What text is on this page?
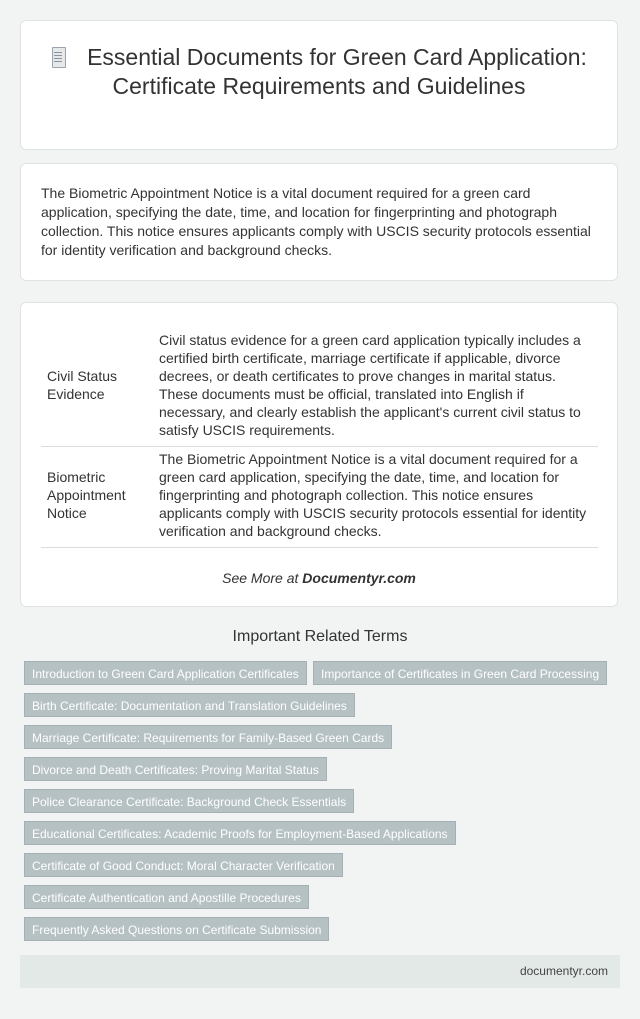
Essential Documents for Green Card Application: Certificate Requirements and Guidelines

The Biometric Appointment Notice is a vital document required for a green card application, specifying the date, time, and location for fingerprinting and photograph collection. This notice ensures applicants comply with USCIS security protocols essential for identity verification and background checks.

Civil Status Evidence	Civil status evidence for a green card application typically includes a certified birth certificate, marriage certificate if applicable, divorce decrees, or death certificates to prove changes in marital status. These documents must be official, translated into English if necessary, and clearly establish the applicant's current civil status to satisfy USCIS requirements.
Biometric Appointment Notice	The Biometric Appointment Notice is a vital document required for a green card application, specifying the date, time, and location for fingerprinting and photograph collection. This notice ensures applicants comply with USCIS security protocols essential for identity verification and background checks.
See More at Documentyr.com
Important Related Terms
Introduction to Green Card Application Certificates	Importance of Certificates in Green Card Processing
Birth Certificate: Documentation and Translation Guidelines
Marriage Certificate: Requirements for Family-Based Green Cards
Divorce and Death Certificates: Proving Marital Status
Police Clearance Certificate: Background Check Essentials
Educational Certificates: Academic Proofs for Employment-Based Applications
Certificate of Good Conduct: Moral Character Verification
Certificate Authentication and Apostille Procedures
Frequently Asked Questions on Certificate Submission
documentyr.com
